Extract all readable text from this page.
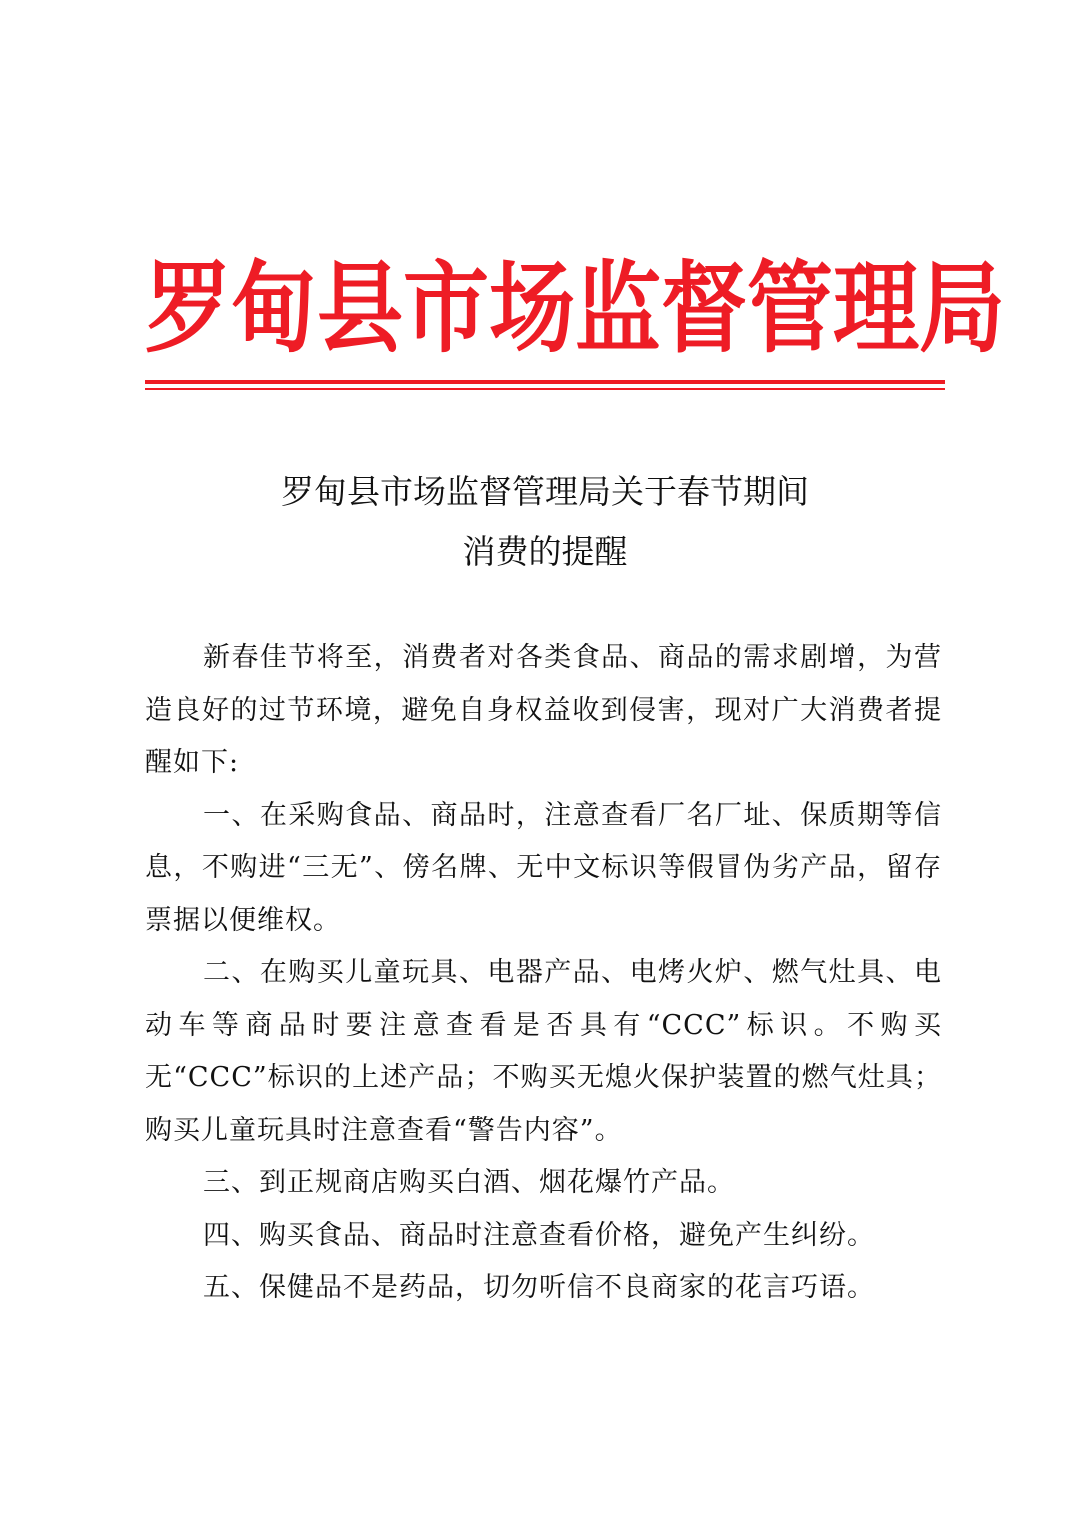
罗甸县市场监督管理局
罗甸县市场监督管理局关于春节期间
消费的提醒

新春佳节将至，消费者对各类食品、商品的需求剧增，为营造良好的过节环境，避免自身权益收到侵害，现对广大消费者提醒如下:

一、在采购食品、商品时，注意查看厂名厂址、保质期等信息，不购进“三无”、傍名牌、无中文标识等假冒伪劣产品，留存票据以便维权。

二、在购买儿童玩具、电器产品、电烤火炉、燃气灶具、电动车等商品时要注意查看是否具有“CCC”标识。不购买无“CCC”标识的上述产品；不购买无熄火保护装置的燃气灶具；购买儿童玩具时注意查看“警告内容”。

三、到正规商店购买白酒、烟花爆竹产品。

四、购买食品、商品时注意查看价格，避免产生纠纷。

五、保健品不是药品，切勿听信不良商家的花言巧语。
